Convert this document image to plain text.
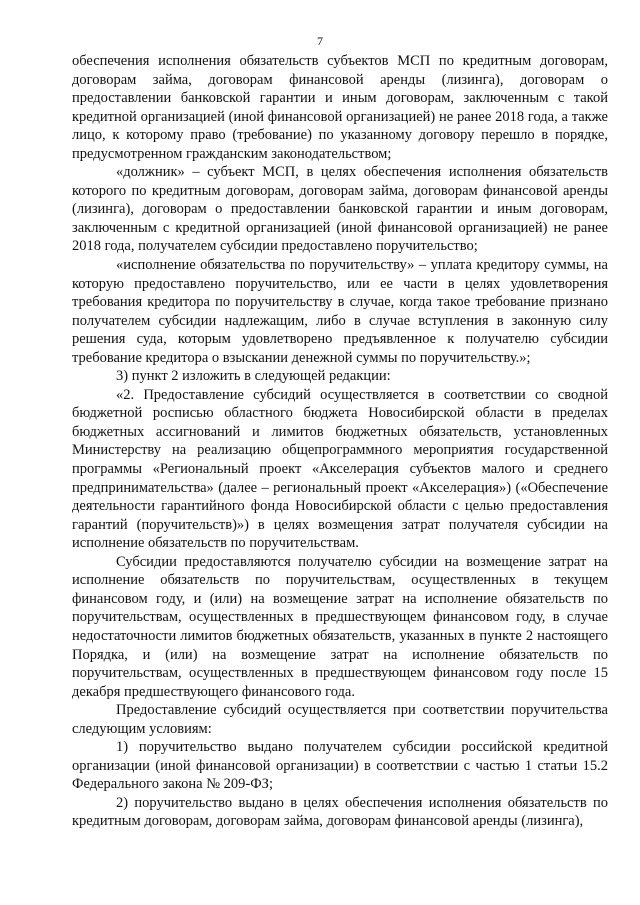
7

обеспечения исполнения обязательств субъектов МСП по кредитным договорам, договорам займа, договорам финансовой аренды (лизинга), договорам о предоставлении банковской гарантии и иным договорам, заключенным с такой кредитной организацией (иной финансовой организацией) не ранее 2018 года, а также лицо, к которому право (требование) по указанному договору перешло в порядке, предусмотренном гражданским законодательством;

«должник» – субъект МСП, в целях обеспечения исполнения обязательств которого по кредитным договорам, договорам займа, договорам финансовой аренды (лизинга), договорам о предоставлении банковской гарантии и иным договорам, заключенным с кредитной организацией (иной финансовой организацией) не ранее 2018 года, получателем субсидии предоставлено поручительство;

«исполнение обязательства по поручительству» – уплата кредитору суммы, на которую предоставлено поручительство, или ее части в целях удовлетворения требования кредитора по поручительству в случае, когда такое требование признано получателем субсидии надлежащим, либо в случае вступления в законную силу решения суда, которым удовлетворено предъявленное к получателю субсидии требование кредитора о взыскании денежной суммы по поручительству.»;

3) пункт 2 изложить в следующей редакции:

«2. Предоставление субсидий осуществляется в соответствии со сводной бюджетной росписью областного бюджета Новосибирской области в пределах бюджетных ассигнований и лимитов бюджетных обязательств, установленных Министерству на реализацию общепрограммного мероприятия государственной программы «Региональный проект «Акселерация субъектов малого и среднего предпринимательства» (далее – региональный проект «Акселерация») («Обеспечение деятельности гарантийного фонда Новосибирской области с целью предоставления гарантий (поручительств)») в целях возмещения затрат получателя субсидии на исполнение обязательств по поручительствам.

Субсидии предоставляются получателю субсидии на возмещение затрат на исполнение обязательств по поручительствам, осуществленных в текущем финансовом году, и (или) на возмещение затрат на исполнение обязательств по поручительствам, осуществленных в предшествующем финансовом году, в случае недостаточности лимитов бюджетных обязательств, указанных в пункте 2 настоящего Порядка, и (или) на возмещение затрат на исполнение обязательств по поручительствам, осуществленных в предшествующем финансовом году после 15 декабря предшествующего финансового года.

Предоставление субсидий осуществляется при соответствии поручительства следующим условиям:

1) поручительство выдано получателем субсидии российской кредитной организации (иной финансовой организации) в соответствии с частью 1 статьи 15.2 Федерального закона № 209-ФЗ;

2) поручительство выдано в целях обеспечения исполнения обязательств по кредитным договорам, договорам займа, договорам финансовой аренды (лизинга),
